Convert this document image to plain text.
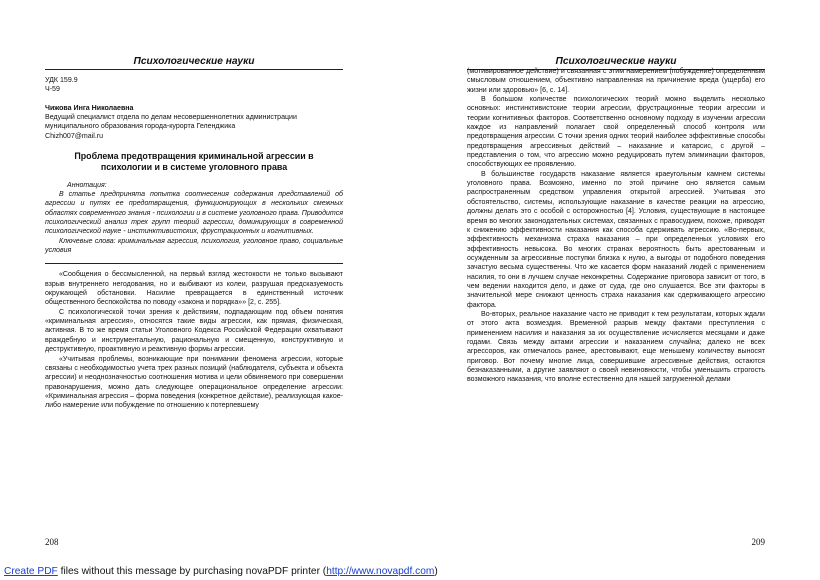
Психологические науки
УДК 159.9
Ч-59
Чижова Инга Николаевна
Ведущий специалист отдела по делам несовершеннолетних администрации муниципального образования города-курорта Геленджика
Chizh007@mail.ru
Проблема предотвращения криминальной агрессии в психологии и в системе уголовного права
Аннотация:
В статье предпринята попытка соотнесения содержания представлений об агрессии и путях ее предотвращения, функционирующих в нескольких смежных областях современного знания - психологии и в системе уголовного права. Приводится психологический анализ трех групп теорий агрессии, доминирующих в современной психологической науке - инстинктивистских, фрустрационных и когнитивных.
Ключевые слова: криминальная агрессия, психология, уголовное право, социальные условия

«Сообщения о бессмысленной, на первый взгляд жестокости не только вызывают взрыв внутреннего негодования, но и выбивают из колеи, разрушая предсказуемость окружающей обстановки. Насилие превращается в единственный источник общественного беспокойства по поводу «закона и порядка»» [2, с. 255].

С психологической точки зрения к действиям, подпадающим под объем понятия «криминальная агрессия», относятся такие виды агрессии, как прямая, физическая, активная. В то же время статьи Уголовного Кодекса Российской Федерации охватывают враждебную и инструментальную, рациональную и смещенную, конструктивную и деструктивную, проактивную и реактивную формы агрессии.

«Учитывая проблемы, возникающие при понимании феномена агрессии, которые связаны с необходимостью учета трех разных позиций (наблюдателя, субъекта и объекта агрессии) и неоднозначностью соотношения мотива и цели обвиняемого при совершении правонарушения, можно дать следующее операциональное определение агрессии: «Криминальная агрессия – форма поведения (конкретное действие), реализующая какое-либо намерение или побуждение по отношению к потерпевшему

208
Психологические науки

(мотивированное действие) и связанная с этим намерением (побуждение) определенным смысловым отношением, объективно направленная на причинение вреда (ущерба) его жизни или здоровью» [6, с. 14].

В большом количестве психологических теорий можно выделить несколько основных: инстинктивистские теории агрессии, фрустрационные теории агрессии и теории когнитивных факторов. Соответственно основному подходу в изучении агрессии каждое из направлений полагает свой определенный способ контроля или предотвращения агрессии. С точки зрения одних теорий наиболее эффективные способы предотвращения агрессивных действий – наказание и катарсис, с другой – представления о том, что агрессию можно редуцировать путем элиминации факторов, способствующих ее проявлению.

В большинстве государств наказание является краеугольным камнем системы уголовного права. Возможно, именно по этой причине оно является самым распространенным средством управления открытой агрессией. Учитывая это обстоятельство, системы, использующие наказание в качестве реакции на агрессию, должны делать это с особой с осторожностью [4]. Условия, существующие в настоящее время во многих законодательных системах, связанных с правосудием, похоже, приводят к снижению эффективности наказания как способа сдерживать агрессию. «Во-первых, эффективность механизма страха наказания – при определенных условиях его эффективность невысока. Во многих странах вероятность быть арестованным и осужденным за агрессивные поступки близка к нулю, а выгоды от подобного поведения зачастую весьма существенны. Что же касается форм наказаний людей с применением насилия, то они в лучшем случае неконкретны. Содержание приговора зависит от того, в чем ведении находится дело, и даже от суда, где оно слушается. Все эти факторы в значительной мере снижают ценность страха наказания как сдерживающего агрессию фактора.

Во-вторых, реальное наказание часто не приводит к тем результатам, которых ждали от этого акта возмездия. Временной разрыв между фактами преступления с применением насилия и наказания за их осуществление исчисляется месяцами и даже годами. Связь между актами агрессии и наказанием случайна; далеко не всех агрессоров, как отмечалось ранее, арестовывают, еще меньшему количеству выносят приговор. Вот почему многие лица, совершившие агрессивные действия, остаются безнаказанными, а другие заявляют о своей невиновности, чтобы уменьшить строгость возможного наказания, что вполне естественно для нашей загруженной делами

209
Create PDF files without this message by purchasing novaPDF printer (http://www.novapdf.com)
